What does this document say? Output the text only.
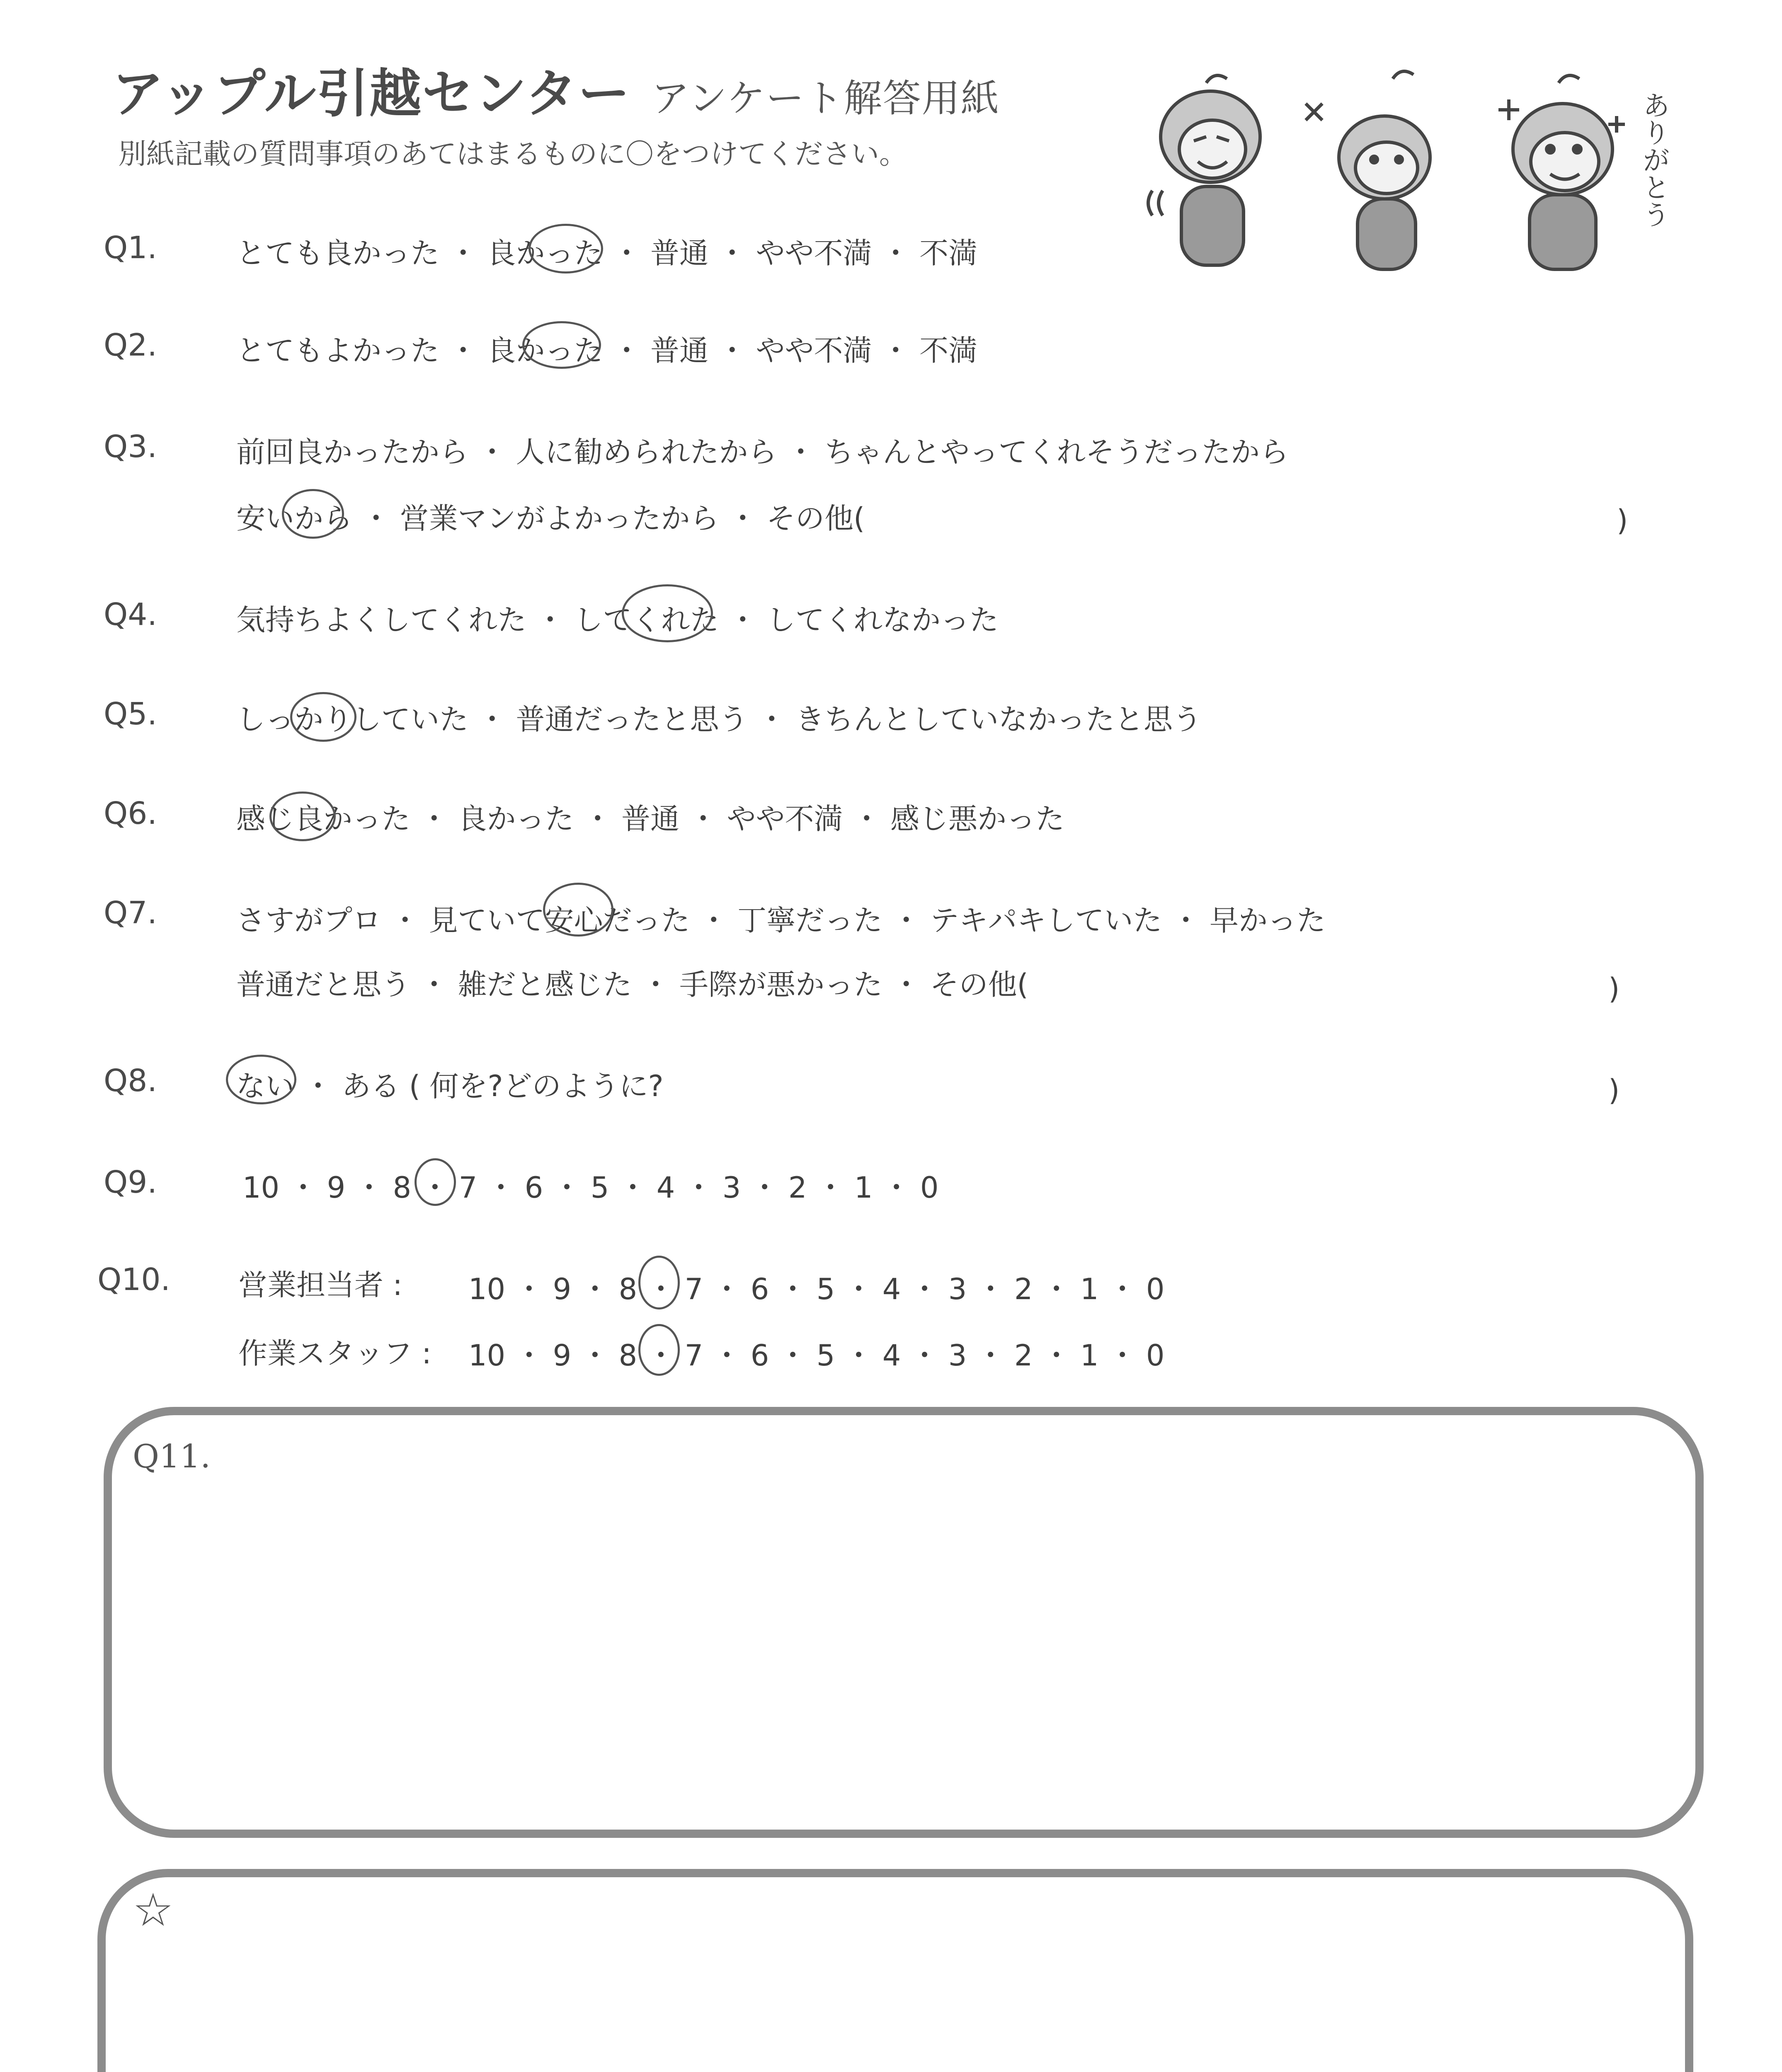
アップル引越センター アンケート解答用紙
別紙記載の質問事項のあてはまるものに〇をつけてください。	ありがとう
Q1.	とても良かった ・ 良かった ・ 普通 ・ やや不満 ・ 不満
Q2.	とてもよかった ・ 良かった ・ 普通 ・ やや不満 ・ 不満
Q3.	前回良かったから ・ 人に勧められたから ・ ちゃんとやってくれそうだったから
安いから ・ 営業マンがよかったから ・ その他(	)
Q4.	気持ちよくしてくれた ・ してくれた ・ してくれなかった
Q5.	しっかりしていた ・ 普通だったと思う ・ きちんとしていなかったと思う
Q6.	感じ良かった ・ 良かった ・ 普通 ・ やや不満 ・ 感じ悪かった
Q7.	さすがプロ ・ 見ていて安心だった ・ 丁寧だった ・ テキパキしていた ・ 早かった
普通だと思う ・ 雑だと感じた ・ 手際が悪かった ・ その他(	)
Q8.	ない ・ ある ( 何を?どのように?	)
Q9.	10 ・ 9 ・ 8 ・ 7 ・ 6 ・ 5 ・ 4 ・ 3 ・ 2 ・ 1 ・ 0
Q10. 営業担当者 : 10 ・ 9 ・ 8 ・ 7 ・ 6 ・ 5 ・ 4 ・ 3 ・ 2 ・ 1 ・ 0
作業スタッフ : 10 ・ 9 ・ 8 ・ 7 ・ 6 ・ 5 ・ 4 ・ 3 ・ 2 ・ 1 ・ 0
Q11.
☆
